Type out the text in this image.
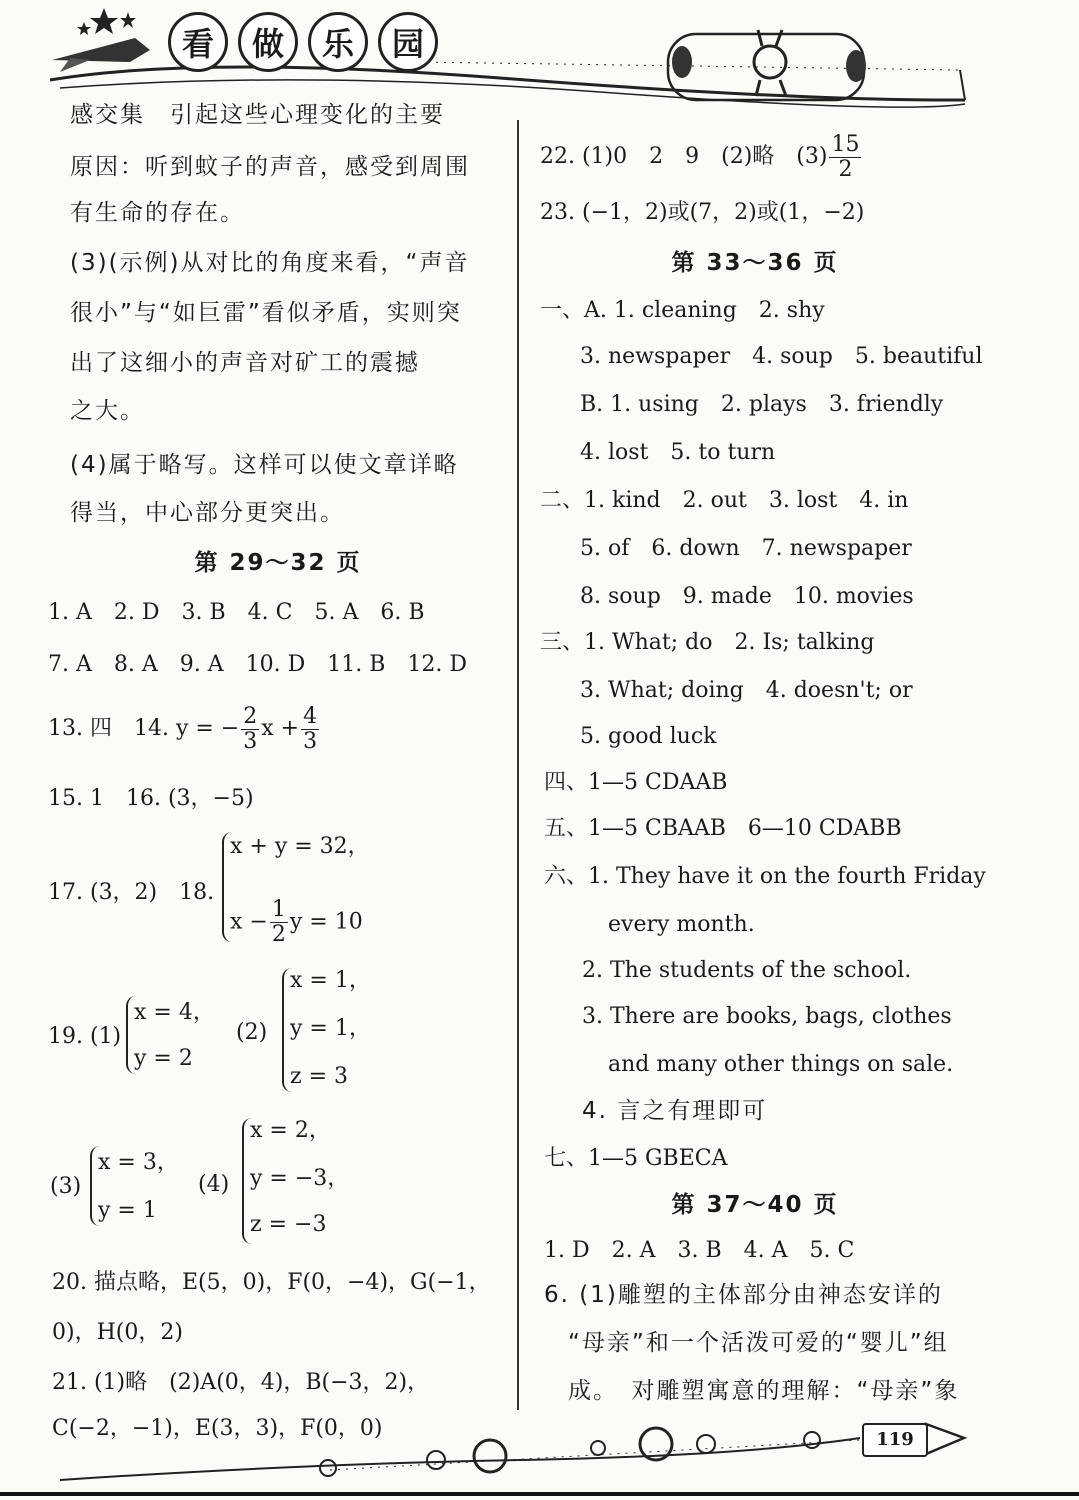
看	做	乐	园
感交集　引起这些心理变化的主要
原因：听到蚊子的声音，感受到周围
有生命的存在。
(3)(示例)从对比的角度来看，“声音
很小”与“如巨雷”看似矛盾，实则突
出了这细小的声音对矿工的震撼
之大。
(4)属于略写。这样可以使文章详略
得当，中心部分更突出。
第 29～32 页
1. A　2. D　3. B　4. C　5. A　6. B
7. A　8. A　9. A　10. D　11. B　12. D
13. 四　14. y = − $\frac{2}{3}$ $x + \frac{4}{3}$
15. 1　16. (3，−5)
17. (3，2)　18.
x + y = 32，
$x - \frac{1}{2}$ y = 10
19. (1)
x = 4，
y = 2
(2)
x = 1，
y = 1，
z = 3
(3)
x = 3，
y = 1
(4)
x = 2，
y = −3，
z = −3
20. 描点略，E(5，0)，F(0，−4)，G(−1，
0)，H(0，2)
21. (1)略　(2)A(0，4)，B(−3，2)，
C(−2，−1)，E(3，3)，F(0，0)
22. (1)0　2　9　(2)略　$(3) \frac{15}{2}$
23. (−1，2)或(7，2)或(1，−2)
第 33～36 页
一、A. 1. cleaning　2. shy
3. newspaper　4. soup　5. beautiful
B. 1. using　2. plays　3. friendly
4. lost　5. to turn
二、1. kind　2. out　3. lost　4. in
5. of　6. down　7. newspaper
8. soup　9. made　10. movies
三、1. What; do　2. Is; talking
3. What; doing　4. doesn't; or
5. good luck
四、1—5 CDAAB
五、1—5 CBAAB　6—10 CDABB
六、1. They have it on the fourth Friday
every month.
2. The students of the school.
3. There are books, bags, clothes
and many other things on sale.
4. 言之有理即可
七、1—5 GBECA
第 37～40 页
1. D　2. A　3. B　4. A　5. C
6. (1)雕塑的主体部分由神态安详的
“母亲”和一个活泼可爱的“婴儿”组
成。　对雕塑寓意的理解：“母亲”象
119
